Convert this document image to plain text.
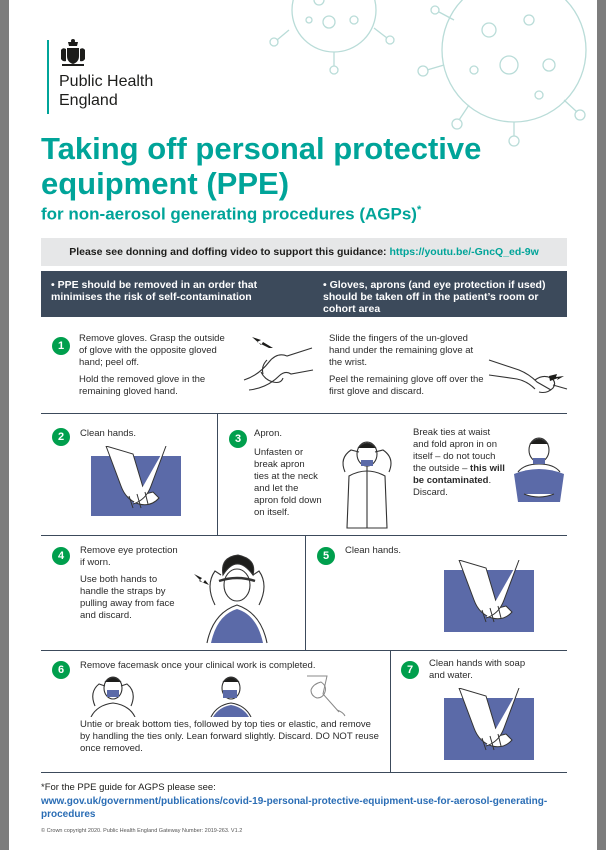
Public Health
England
Taking off personal protective equipment (PPE)
for non-aerosol generating procedures (AGPs)*
Please see donning and doffing video to support this guidance: https://youtu.be/-GncQ_ed-9w
• PPE should be removed in an order that minimises the risk of self-contamination
• Gloves, aprons (and eye protection if used) should be taken off in the patient’s room or cohort area
1

Remove gloves. Grasp the outside of glove with the opposite gloved hand; peel off.

Hold the removed glove in the remaining gloved hand.

Slide the fingers of the un-gloved hand under the remaining glove at the wrist.

Peel the remaining glove off over the first glove and discard.

2	Clean hands.	3	Apron.
Unfasten or break apron ties at the neck and let the apron fold down on itself.
Break ties at waist and fold apron in on itself – do not touch the outside – this will be contaminated. Discard.
4	Remove eye protection if worn.

Use both hands to handle the straps by pulling away from face and discard.

5	Clean hands.
6	Remove facemask once your clinical work is completed.
Untie or break bottom ties, followed by top ties or elastic, and remove by handling the ties only. Lean forward slightly. Discard. DO NOT reuse once removed.
7
Clean hands with soap and water.
*For the PPE guide for AGPS please see:
www.gov.uk/government/publications/covid-19-personal-protective-equipment-use-for-aerosol-generating-procedures
© Crown copyright 2020. Public Health England Gateway Number: 2019-263. V1.2
